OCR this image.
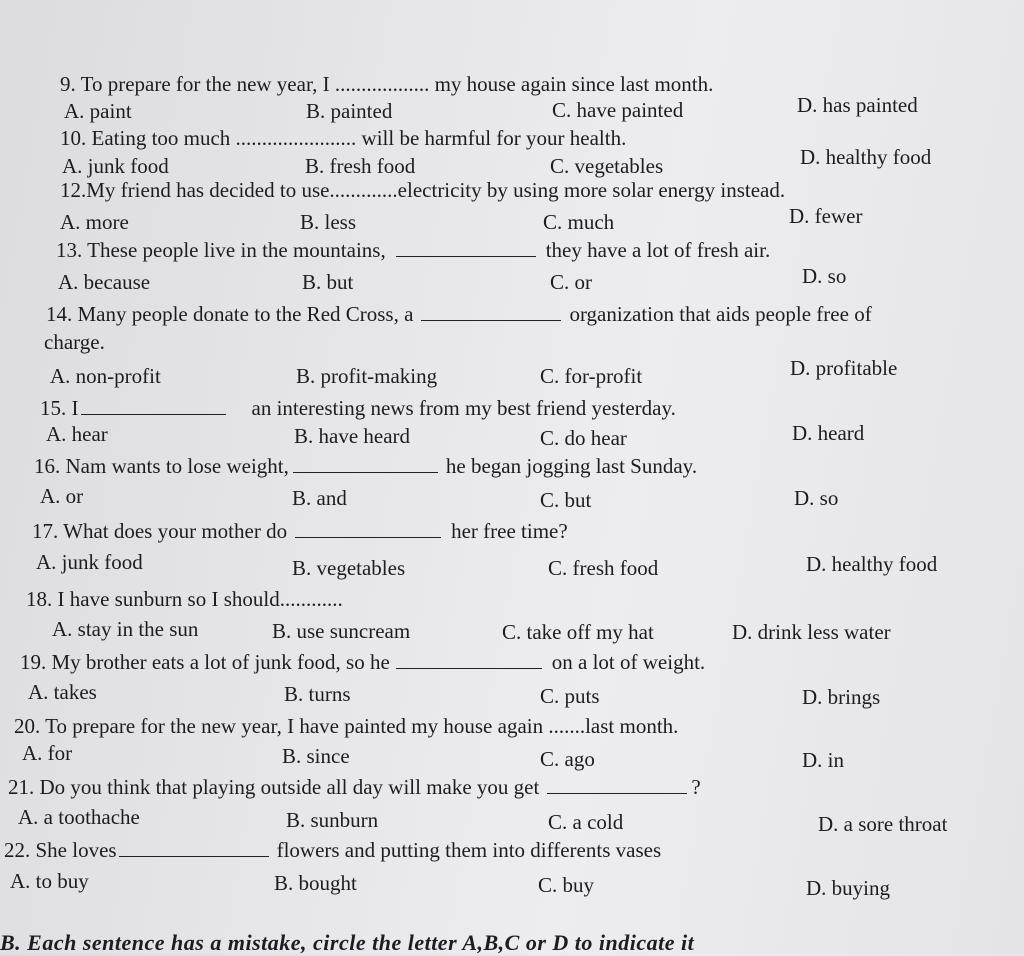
9. To prepare for the new year, I .................. my house again since last month.
A. paint	B. painted	C. have painted	D. has painted
10. Eating too much ....................... will be harmful for your health.
A. junk food	B. fresh food	C. vegetables	D. healthy food
12.My friend has decided to use.............electricity by using more solar energy instead.
A. more	B. less	C. much	D. fewer
13. These people live in the mountains,	they have a lot of fresh air.
A. because	B. but	C. or	D. so
14. Many people donate to the Red Cross, a	organization that aids people free of
charge.
A. non-profit	B. profit-making	C. for-profit	D. profitable
15. I	an interesting news from my best friend yesterday.
A. hear	B. have heard	C. do hear	D. heard
16. Nam wants to lose weight,	he began jogging last Sunday.
A. or	B. and	C. but	D. so
17. What does your mother do	her free time?
A. junk food	B. vegetables	C. fresh food	D. healthy food
18. I have sunburn so I should............
A. stay in the sun	B. use suncream	C. take off my hat	D. drink less water
19. My brother eats a lot of junk food, so he	on a lot of weight.
A. takes	B. turns	C. puts	D. brings
20. To prepare for the new year, I have painted my house again .......last month.
A. for	B. since	C. ago	D. in
21. Do you think that playing outside all day will make you get	?
A. a toothache	B. sunburn	C. a cold	D. a sore throat
22. She loves	flowers and putting them into differents vases
A. to buy	B. bought	C. buy	D. buying
B. Each sentence has a mistake, circle the letter A,B,C or D to indicate it
